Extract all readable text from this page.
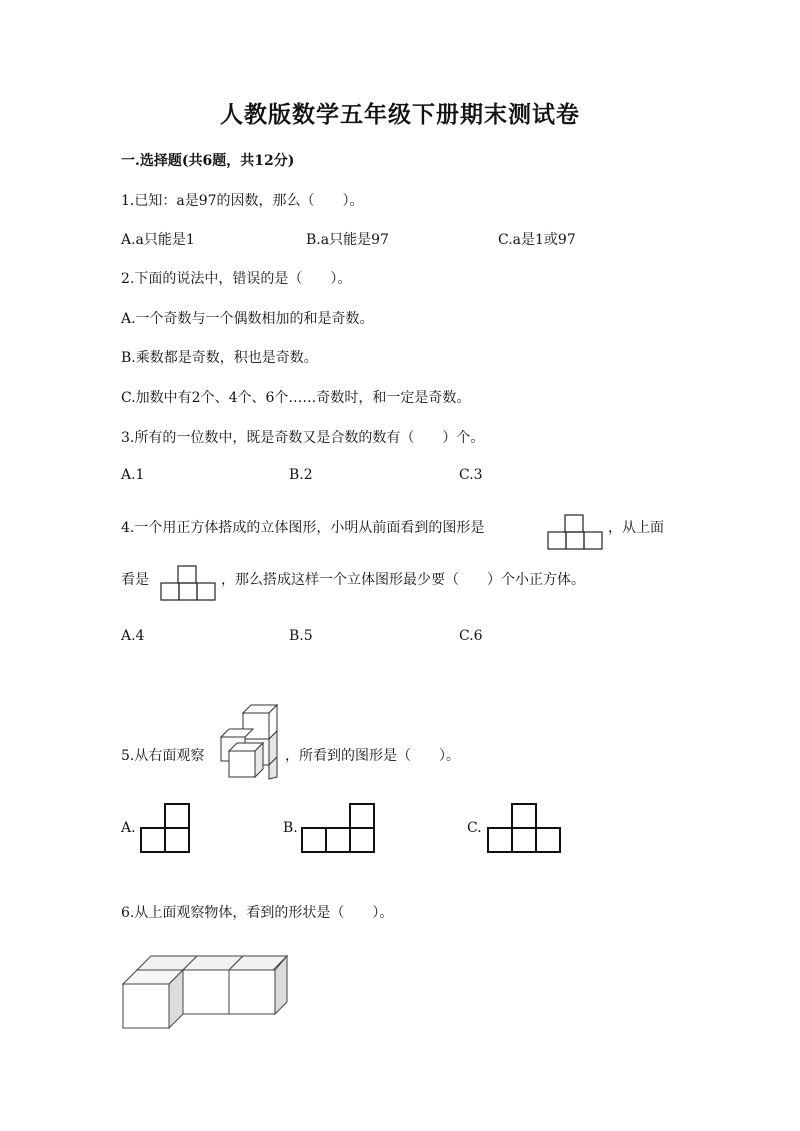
人教版数学五年级下册期末测试卷
一.选择题(共6题，共12分)
1.已知：a是97的因数，那么（　　）。
A.a只能是1	B.a只能是97	C.a是1或97
2.下面的说法中，错误的是（　　）。
A.一个奇数与一个偶数相加的和是奇数。
B.乘数都是奇数，积也是奇数。
C.加数中有2个、4个、6个……奇数时，和一定是奇数。
3.所有的一位数中，既是奇数又是合数的数有（　　）个。
A.1	B.2	C.3
4.一个用正方体搭成的立体图形，小明从前面看到的图形是	，从上面
看是	，那么搭成这样一个立体图形最少要（　　）个小正方体。
A.4	B.5	C.6
5.从右面观察	，所看到的图形是（　　）。
A.	B.	C.
6.从上面观察物体，看到的形状是（　　）。
